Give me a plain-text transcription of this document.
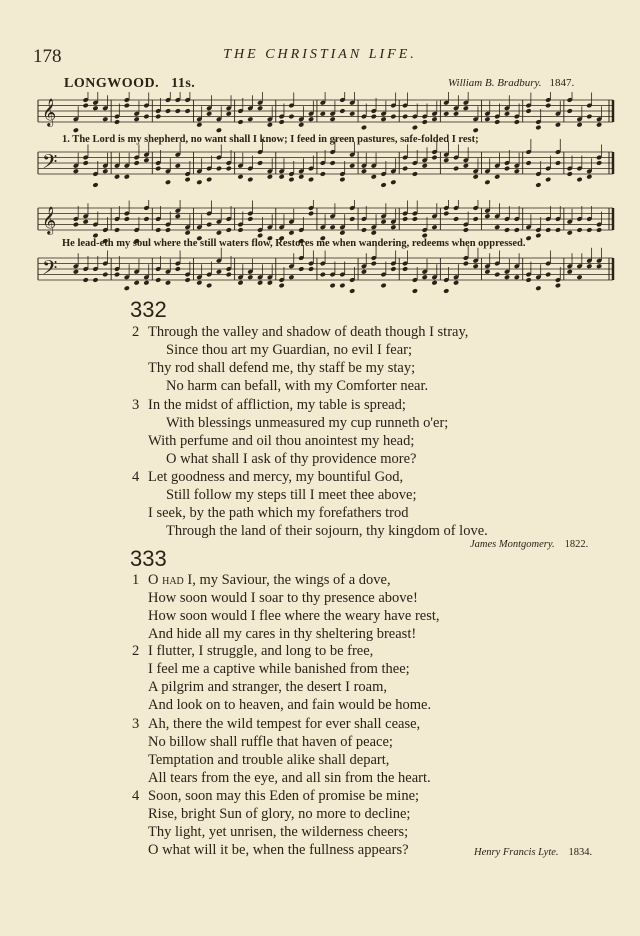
178	THE CHRISTIAN LIFE.
LONGWOOD. 11s.	William B. Bradbury. 1847.
𝄞
𝄢
1. The Lord is my shepherd, no want shall I know; I feed in green pastures, safe-folded I rest;
𝄞
𝄢
He lead-eth my soul where the still waters flow, Restores me when wandering, redeems when oppressed.
332
2 Through the valley and shadow of death though I stray,
Since thou art my Guardian, no evil I fear;
Thy rod shall defend me, thy staff be my stay;
No harm can befall, with my Comforter near.
3 In the midst of affliction, my table is spread;
With blessings unmeasured my cup runneth o'er;
With perfume and oil thou anointest my head;
O what shall I ask of thy providence more?
4 Let goodness and mercy, my bountiful God,
Still follow my steps till I meet thee above;
I seek, by the path which my forefathers trod
Through the land of their sojourn, thy kingdom of love.
James Montgomery. 1822.
333
1 O had I, my Saviour, the wings of a dove,
How soon would I soar to thy presence above!
How soon would I flee where the weary have rest,
And hide all my cares in thy sheltering breast!
2 I flutter, I struggle, and long to be free,
I feel me a captive while banished from thee;
A pilgrim and stranger, the desert I roam,
And look on to heaven, and fain would be home.
3 Ah, there the wild tempest for ever shall cease,
No billow shall ruffle that haven of peace;
Temptation and trouble alike shall depart,
All tears from the eye, and all sin from the heart.
4 Soon, soon may this Eden of promise be mine;
Rise, bright Sun of glory, no more to decline;
Thy light, yet unrisen, the wilderness cheers;
O what will it be, when the fullness appears?	Henry Francis Lyte. 1834.
